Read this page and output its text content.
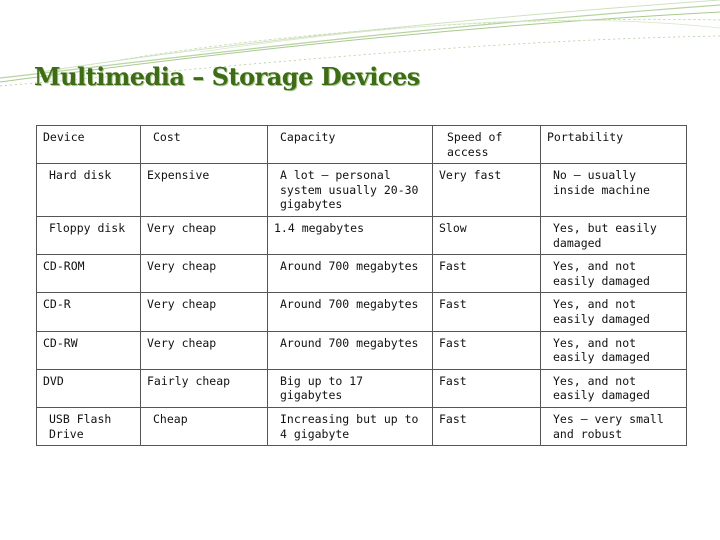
Multimedia – Storage Devices
Device	Cost	Capacity	Speed of access	Portability
Hard disk	Expensive	A lot – personal system usually 20-30 gigabytes	Very fast	No – usually inside machine
Floppy disk	Very cheap	1.4 megabytes	Slow	Yes, but easily damaged
CD-ROM	Very cheap	Around 700 megabytes	Fast	Yes, and not easily damaged
CD-R	Very cheap	Around 700 megabytes	Fast	Yes, and not easily damaged
CD-RW	Very cheap	Around 700 megabytes	Fast	Yes, and not easily damaged
DVD	Fairly cheap	Big up to 17 gigabytes	Fast	Yes, and not easily damaged
USB Flash Drive	Cheap	Increasing but up to 4 gigabyte	Fast	Yes – very small and robust
